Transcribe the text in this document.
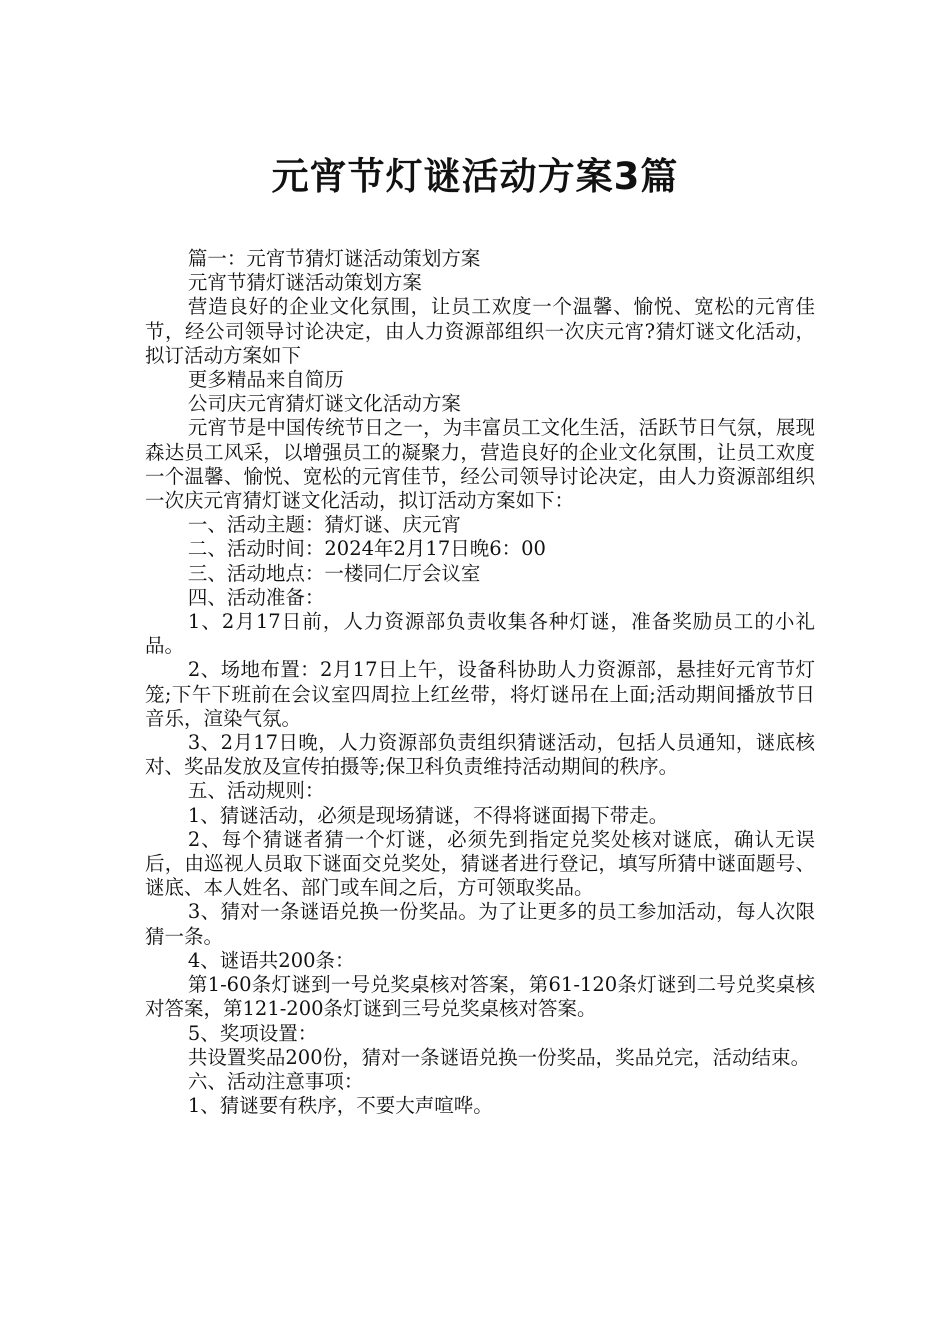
元宵节灯谜活动方案3篇

篇一：元宵节猜灯谜活动策划方案

元宵节猜灯谜活动策划方案

营造良好的企业文化氛围，让员工欢度一个温馨、愉悦、宽松的元宵佳节，经公司领导讨论决定，由人力资源部组织一次庆元宵?猜灯谜文化活动，拟订活动方案如下

更多精品来自简历

公司庆元宵猜灯谜文化活动方案

元宵节是中国传统节日之一，为丰富员工文化生活，活跃节日气氛，展现森达员工风采，以增强员工的凝聚力，营造良好的企业文化氛围，让员工欢度一个温馨、愉悦、宽松的元宵佳节，经公司领导讨论决定，由人力资源部组织一次庆元宵猜灯谜文化活动，拟订活动方案如下：

一、活动主题：猜灯谜、庆元宵

二、活动时间：2024年2月17日晚6：00

三、活动地点：一楼同仁厅会议室

四、活动准备：

1、2月17日前，人力资源部负责收集各种灯谜，准备奖励员工的小礼品。

2、场地布置：2月17日上午，设备科协助人力资源部，悬挂好元宵节灯笼;下午下班前在会议室四周拉上红丝带，将灯谜吊在上面;活动期间播放节日音乐，渲染气氛。

3、2月17日晚，人力资源部负责组织猜谜活动，包括人员通知，谜底核对、奖品发放及宣传拍摄等;保卫科负责维持活动期间的秩序。

五、活动规则：

1、猜谜活动，必须是现场猜谜，不得将谜面揭下带走。

2、每个猜谜者猜一个灯谜，必须先到指定兑奖处核对谜底，确认无误后，由巡视人员取下谜面交兑奖处，猜谜者进行登记，填写所猜中谜面题号、谜底、本人姓名、部门或车间之后，方可领取奖品。

3、猜对一条谜语兑换一份奖品。为了让更多的员工参加活动，每人次限猜一条。

4、谜语共200条：

第1-60条灯谜到一号兑奖桌核对答案，第61-120条灯谜到二号兑奖桌核对答案，第121-200条灯谜到三号兑奖桌核对答案。

5、奖项设置：

共设置奖品200份，猜对一条谜语兑换一份奖品，奖品兑完，活动结束。

六、活动注意事项：

1、猜谜要有秩序，不要大声喧哗。
